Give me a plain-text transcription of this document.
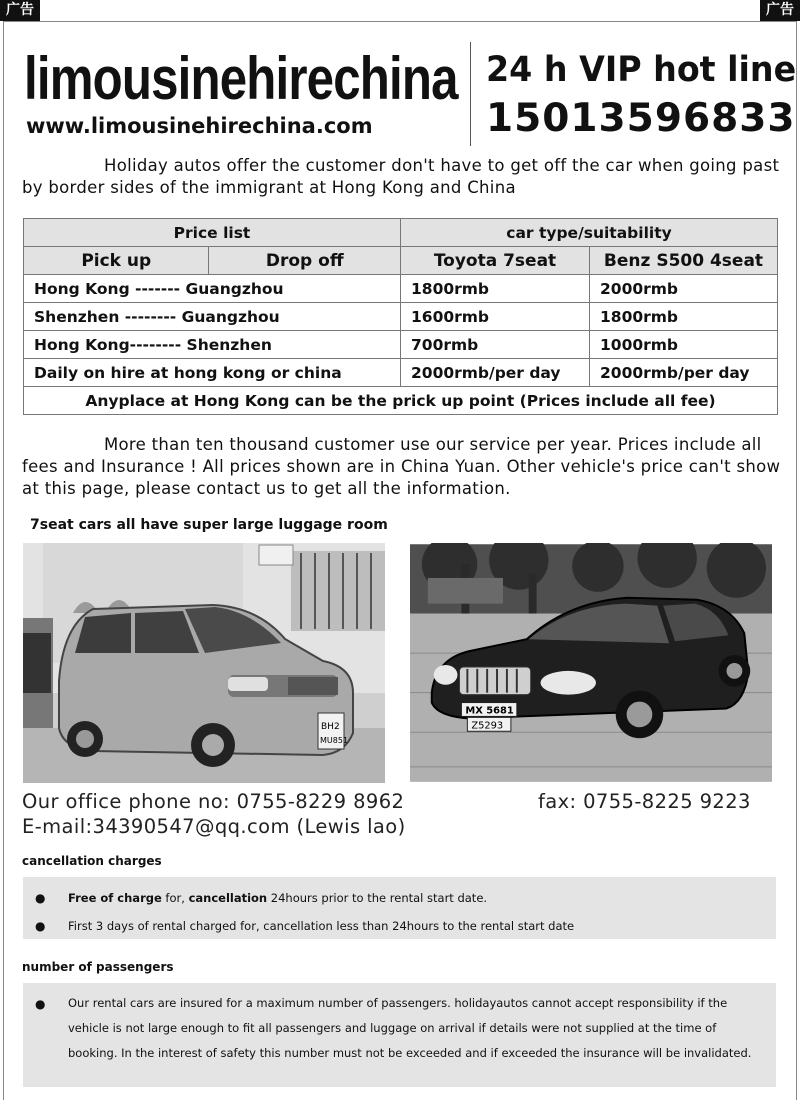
广告	广告
limousinehirechina
www.limousinehirechina.com
24 h VIP hot line
15013596833
Holiday autos offer the customer don't have to get off the car when going past by border sides of the immigrant at Hong Kong and China
Price list		car type/suitability	
Pick up	Drop off	Toyota 7seat	Benz S500 4seat
Hong Kong ------- Guangzhou		1800rmb	2000rmb
Shenzhen -------- Guangzhou		1600rmb	1800rmb
Hong Kong-------- Shenzhen		700rmb	1000rmb
Daily on hire at hong kong or china		2000rmb/per day	2000rmb/per day
Anyplace at Hong Kong can be the prick up point (Prices include all fee)			
More than ten thousand customer use our service per year. Prices include all fees and Insurance ! All prices shown are in China Yuan. Other vehicle's price can't show at this page, please contact us to get all the information.
7seat cars all have super large luggage room
BH2
MU851
MX 5681
Z5293
Our office phone no: 0755-8229 8962	fax: 0755-8225 9223
E-mail:34390547@qq.com (Lewis lao)
cancellation charges
● Free of charge for, cancellation 24hours prior to the rental start date.
● First 3 days of rental charged for, cancellation less than 24hours to the rental start date
number of passengers
● Our rental cars are insured for a maximum number of passengers. holidayautos cannot accept responsibility if the vehicle is not large enough to fit all passengers and luggage on arrival if details were not supplied at the time of booking. In the interest of safety this number must not be exceeded and if exceeded the insurance will be invalidated.
